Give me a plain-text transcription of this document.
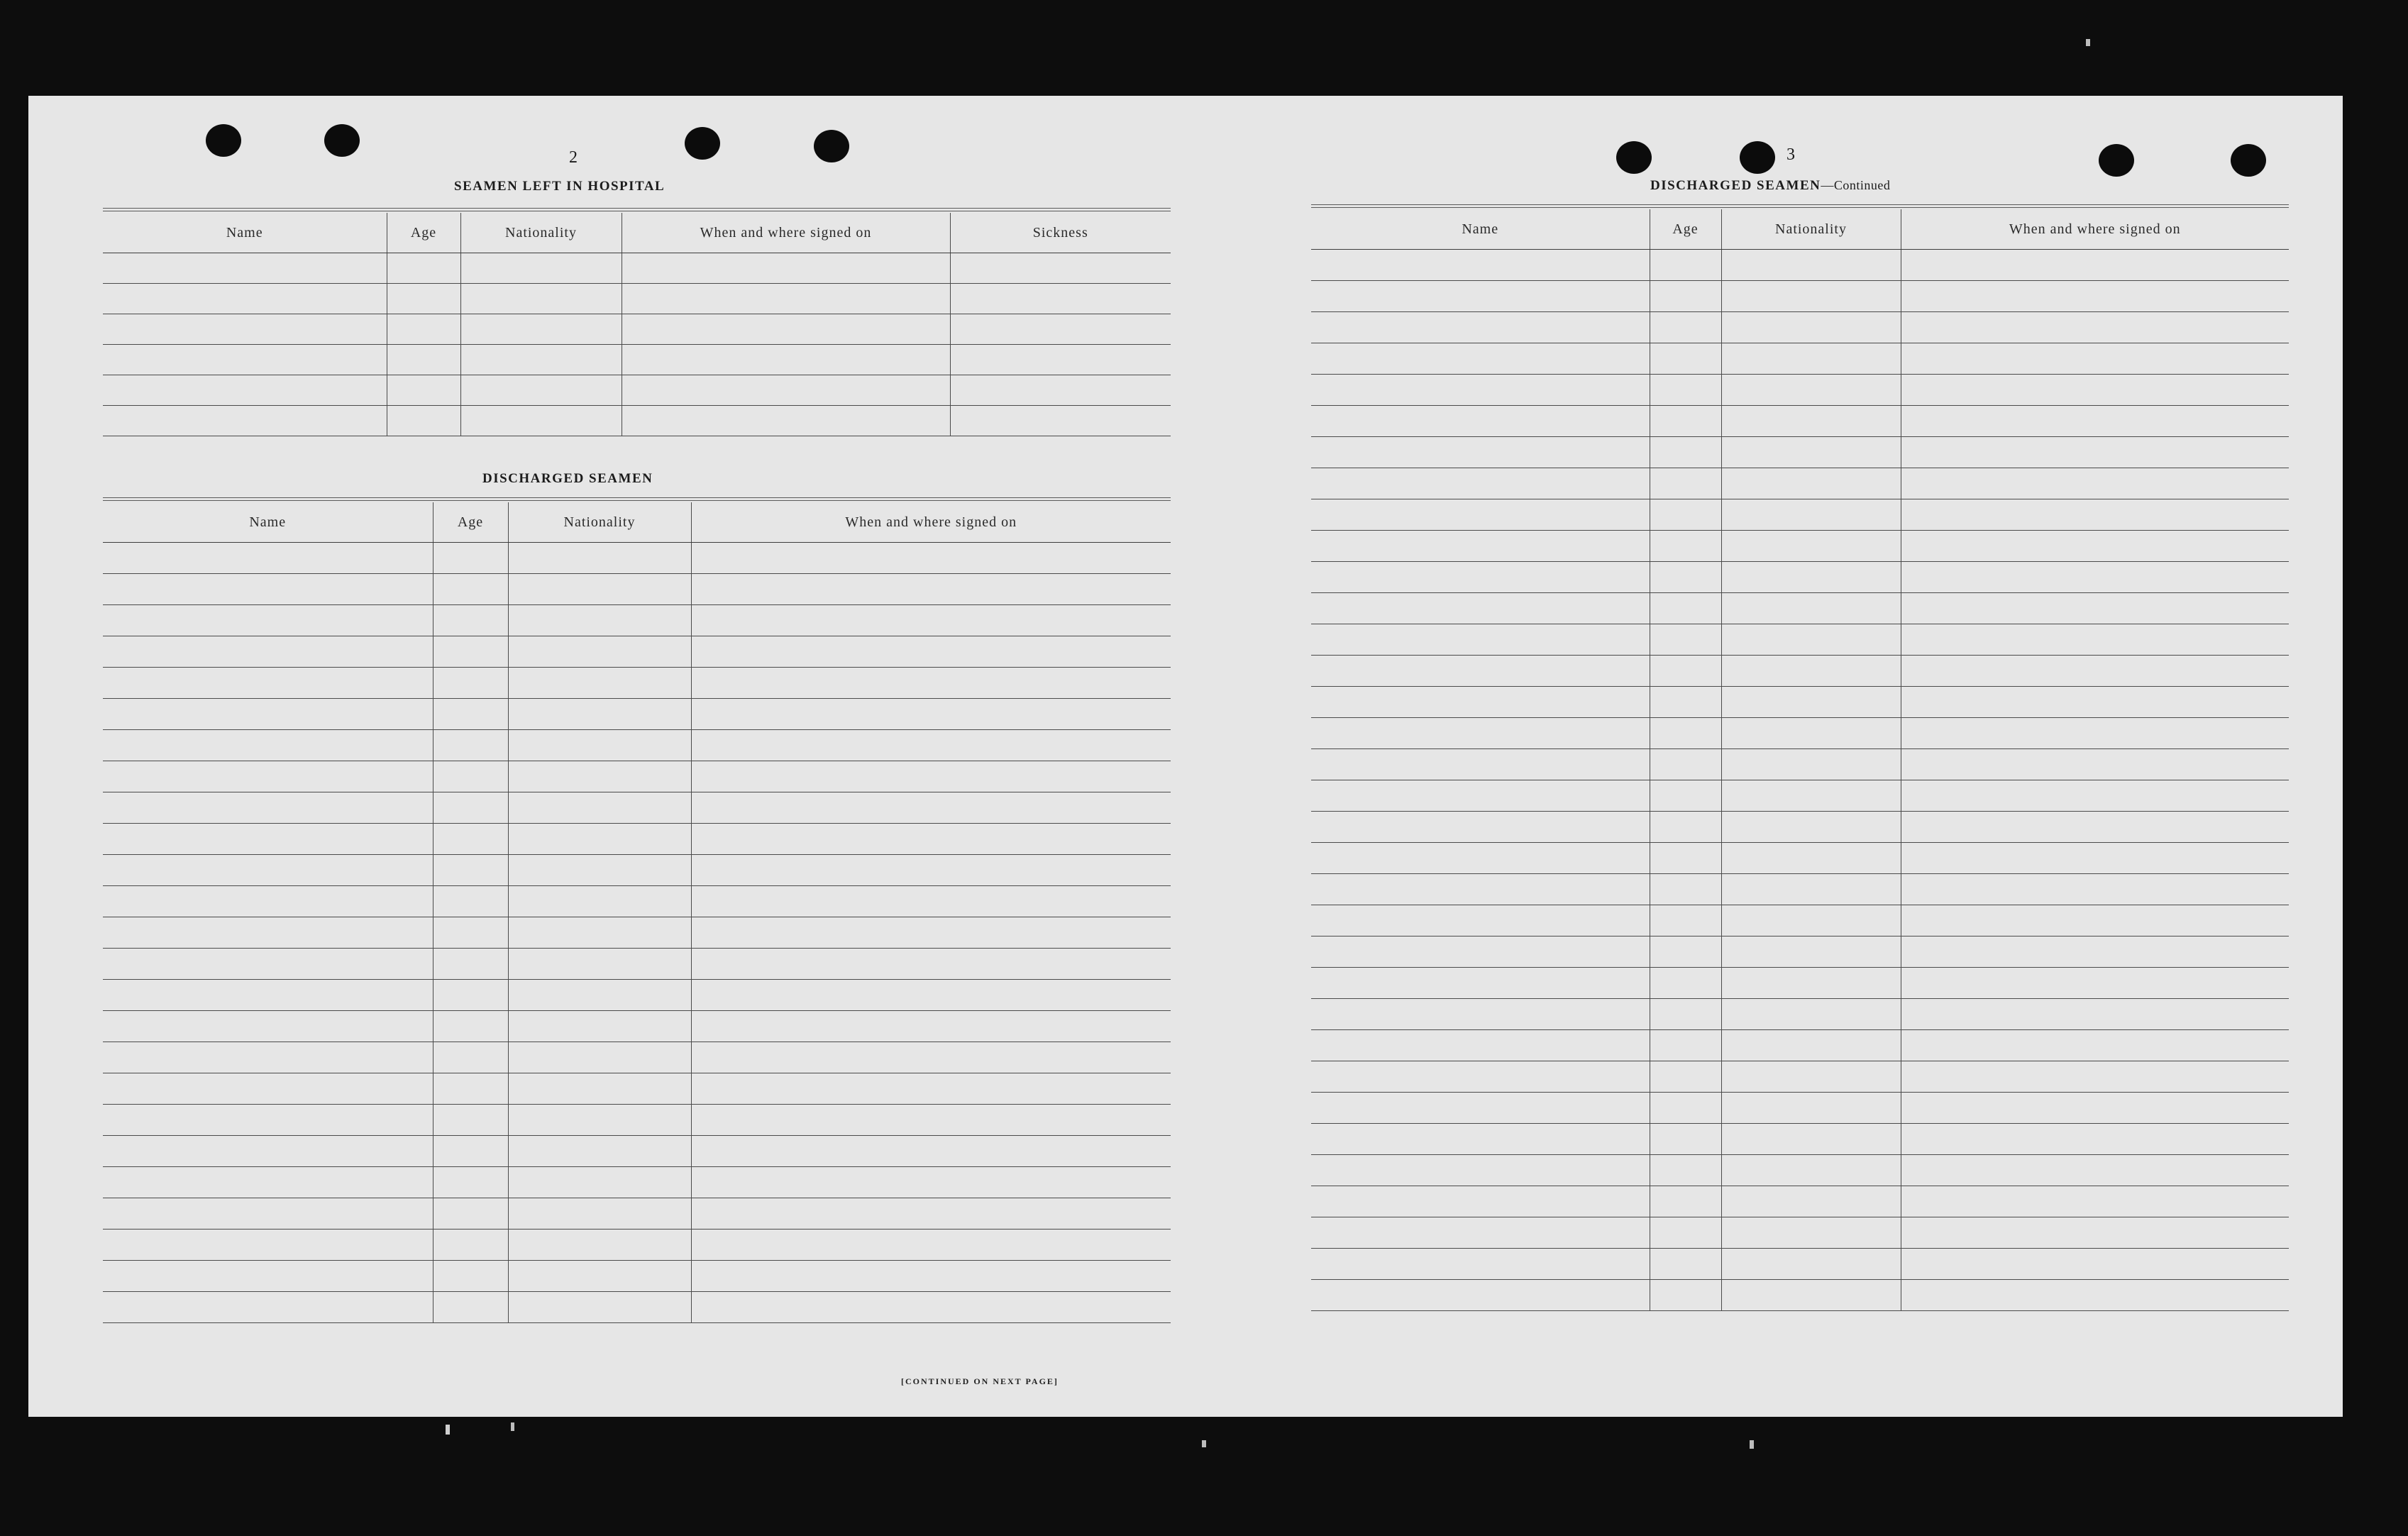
2
SEAMEN LEFT IN HOSPITAL
Name	Age	Nationality	When and where signed on	Sickness

DISCHARGED SEAMEN
Name	Age	Nationality	When and where signed on

[CONTINUED ON NEXT PAGE]
3
DISCHARGED SEAMEN—Continued
Name	Age	Nationality	When and where signed on
